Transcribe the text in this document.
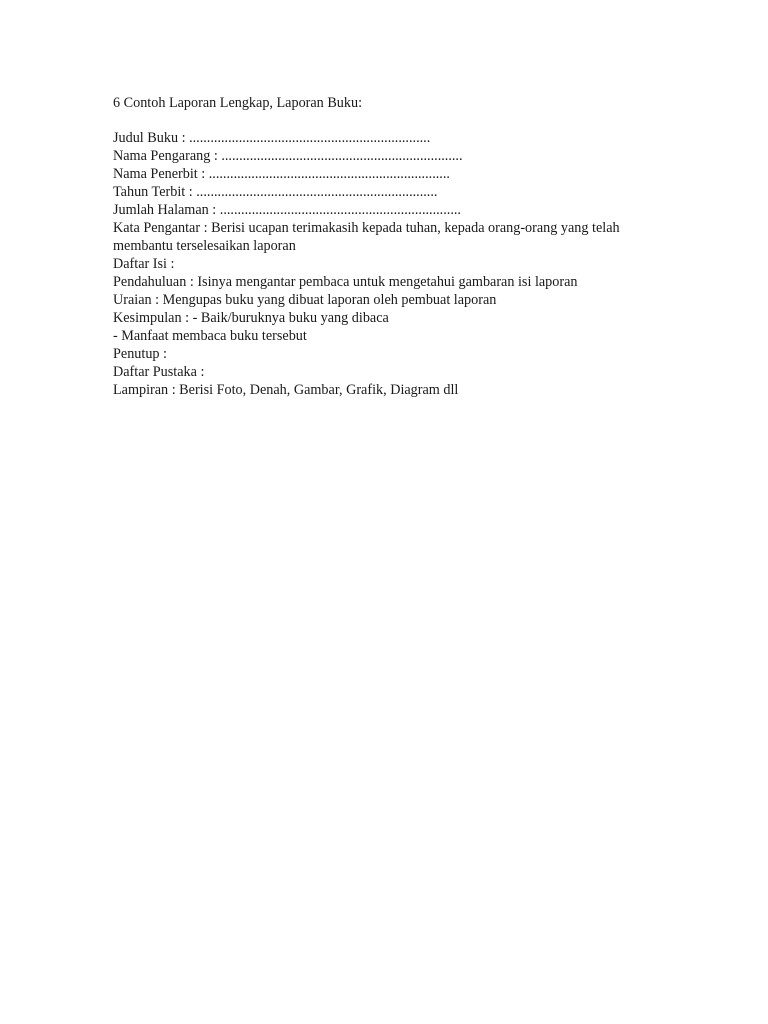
6 Contoh Laporan Lengkap, Laporan Buku:
Judul Buku : ....................................................................
Nama Pengarang : ....................................................................
Nama Penerbit : ....................................................................
Tahun Terbit : ....................................................................
Jumlah Halaman : ....................................................................
Kata Pengantar : Berisi ucapan terimakasih kepada tuhan, kepada orang-orang yang telah membantu terselesaikan laporan
Daftar Isi :
Pendahuluan : Isinya mengantar pembaca untuk mengetahui gambaran isi laporan
Uraian : Mengupas buku yang dibuat laporan oleh pembuat laporan
Kesimpulan : - Baik/buruknya buku yang dibaca
- Manfaat membaca buku tersebut
Penutup :
Daftar Pustaka :
Lampiran : Berisi Foto, Denah, Gambar, Grafik, Diagram dll
